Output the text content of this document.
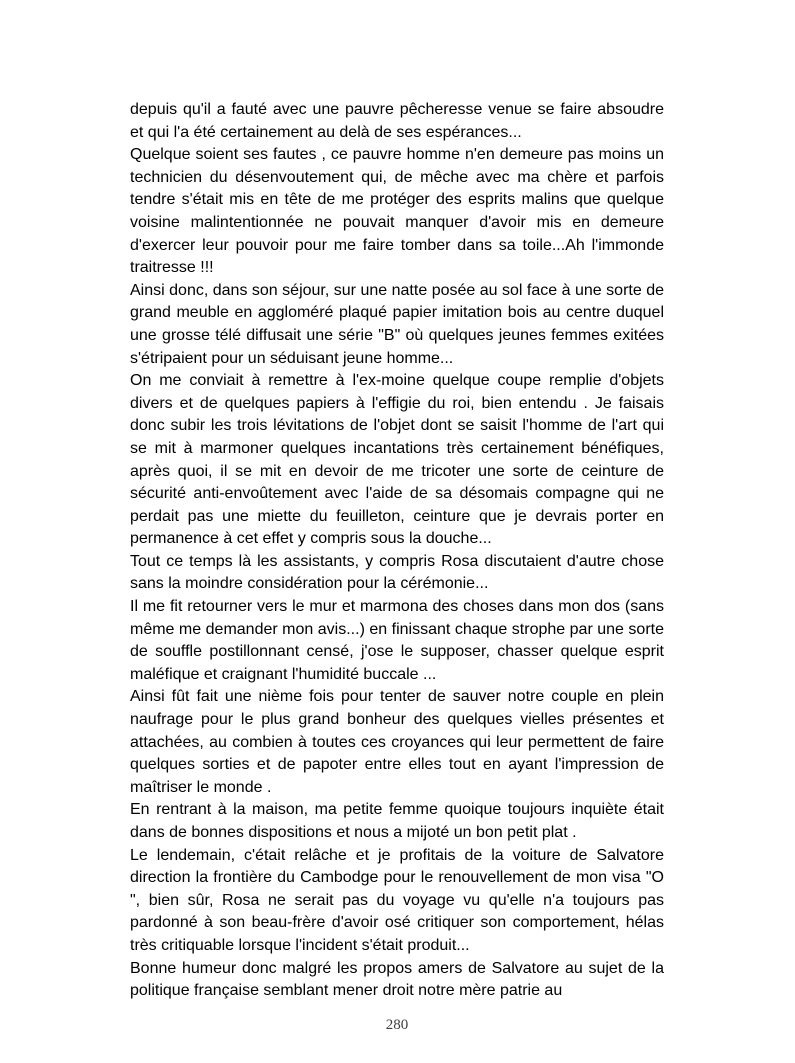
depuis qu'il a fauté avec une pauvre pêcheresse venue se faire absoudre et qui l'a été certainement au delà de ses espérances...

Quelque soient ses fautes , ce pauvre homme n'en demeure pas moins un technicien du désenvoutement qui, de mêche avec ma chère et parfois tendre s'était mis en tête de me protéger des esprits malins que quelque voisine malintentionnée ne pouvait manquer d'avoir mis en demeure d'exercer leur pouvoir pour me faire tomber dans sa toile...Ah l'immonde traitresse !!!

Ainsi donc, dans son séjour, sur une natte posée au sol face à une sorte de grand meuble en aggloméré plaqué papier imitation bois au centre duquel une grosse télé diffusait une série "B" où quelques jeunes femmes exitées s'étripaient pour un séduisant jeune homme...

On me conviait à remettre à l'ex-moine quelque coupe remplie d'objets divers et de quelques papiers à l'effigie du roi, bien entendu . Je faisais donc subir les trois lévitations de l'objet dont se saisit l'homme de l'art qui se mit à marmoner quelques incantations très certainement bénéfiques, après quoi, il se mit en devoir de me tricoter une sorte de ceinture de sécurité anti-envoûtement avec l'aide de sa désomais compagne qui ne perdait pas une miette du feuilleton, ceinture que je devrais porter en permanence à cet effet y compris sous la douche...

Tout ce temps là les assistants, y compris Rosa discutaient d'autre chose sans la moindre considération pour la cérémonie...

Il me fit retourner vers le mur et marmona des choses dans mon dos (sans même me demander mon avis...) en finissant chaque strophe par une sorte de souffle postillonnant censé, j'ose le supposer, chasser quelque esprit maléfique et craignant l'humidité buccale ...

Ainsi fût fait une nième fois pour tenter de sauver notre couple en plein naufrage pour le plus grand bonheur des quelques vielles présentes et attachées, au combien à toutes ces croyances qui leur permettent de faire quelques sorties et de papoter entre elles tout en ayant l'impression de maîtriser le monde .

En rentrant à la maison, ma petite femme quoique toujours inquiète était dans de bonnes dispositions et nous a mijoté un bon petit plat .

Le lendemain, c'était relâche et je profitais de la voiture de Salvatore direction la frontière du Cambodge pour le renouvellement de mon visa "O ", bien sûr, Rosa ne serait pas du voyage vu qu'elle n'a toujours pas pardonné à son beau-frère d'avoir osé critiquer son comportement, hélas très critiquable lorsque l'incident s'était produit...

Bonne humeur donc malgré les propos amers de Salvatore au sujet de la politique française semblant mener droit notre mère patrie au

280
